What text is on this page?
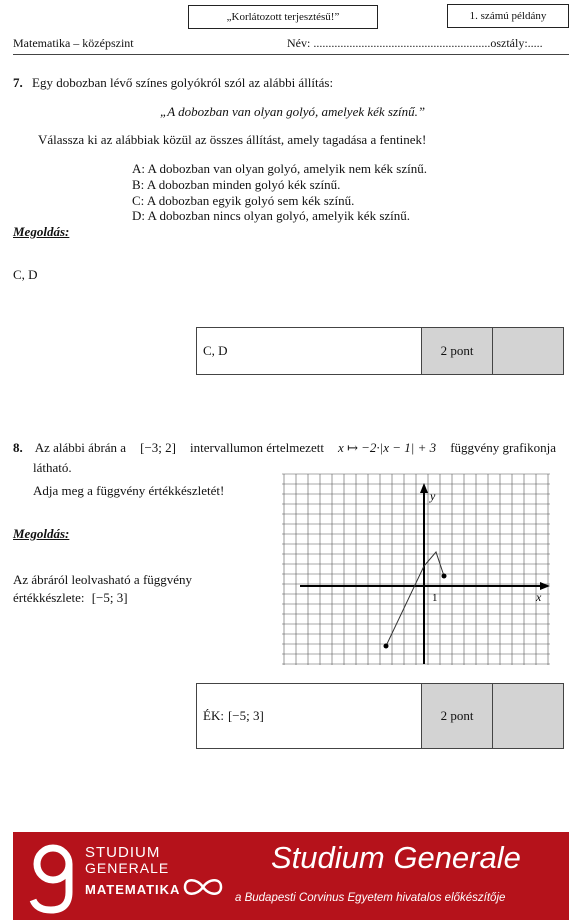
„Korlátozott terjesztésű!”	1. számú példány
Matematika – középszint	Név: ...........................................................osztály:.....
7. Egy dobozban lévő színes golyókról szól az alábbi állítás:
„A dobozban van olyan golyó, amelyek kék színű.”
Válassza ki az alábbiak közül az összes állítást, amely tagadása a fentinek!
A: A dobozban van olyan golyó, amelyik nem kék színű.
B: A dobozban minden golyó kék színű.
C: A dobozban egyik golyó sem kék színű.
D: A dobozban nincs olyan golyó, amelyik kék színű.
Megoldás:
C, D
C, D	2 pont
8. Az alábbi ábrán a [−3; 2] intervallumon értelmezett x ↦ −2·|x − 1| + 3 függvény grafikonja
látható.
Adja meg a függvény értékkészletét!
Megoldás:
Az ábráról leolvasható a függvény
értékkészlete: [−5; 3]
y
x
1
ÉK: [−5; 3]	2 pont
STUDIUM
GENERALE
MATEMATIKA
Studium Generale
a Budapesti Corvinus Egyetem hivatalos előkészítője
